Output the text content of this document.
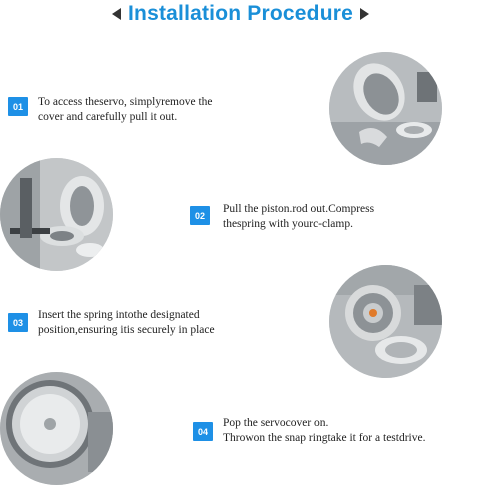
Installation Procedure
01	To access theservo, simplyremove the
cover and carefully pull it out.
02
Pull the piston.rod out.Compress
thespring with yourc-clamp.
03
Insert the spring intothe designated
position,ensuring itis securely in place
04
Pop the servocover on.
Throwon the snap ringtake it for a testdrive.
